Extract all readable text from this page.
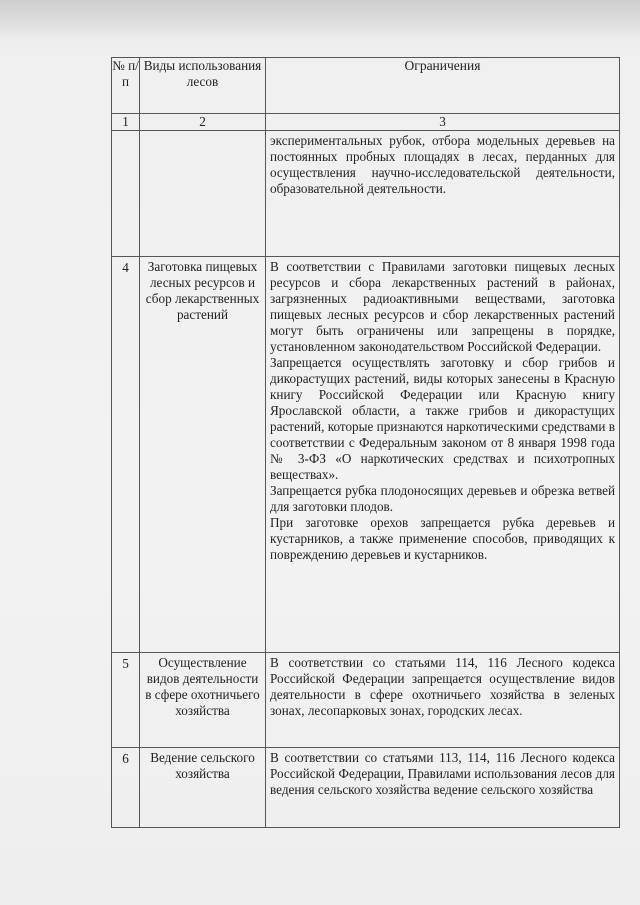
№ п/п	Виды использования лесов	Ограничения
1	2	3

		экспериментальных рубок, отбора модельных деревьев на постоянных пробных площадях в лесах, перданных для осуществления научно-исследовательской деятельности, образовательной деятельности.

4	Заготовка пищевых лесных ресурсов и сбор лекарственных растений	В соответствии с Правилами заготовки пищевых лесных ресурсов и сбора лекарственных растений в районах, загрязненных радиоактивными веществами, заготовка пищевых лесных ресурсов и сбор лекарственных растений могут быть ограничены или запрещены в порядке, установленном законодательством Российской Федерации.

Запрещается осуществлять заготовку и сбор грибов и дикорастущих растений, виды которых занесены в Красную книгу Российской Федерации или Красную книгу Ярославской области, а также грибов и дикорастущих растений, которые признаются наркотическими средствами в соответствии с Федеральным законом от 8 января 1998 года № 3-ФЗ «О наркотических средствах и психотропных веществах».

Запрещается рубка плодоносящих деревьев и обрезка ветвей для заготовки плодов.

При заготовке орехов запрещается рубка деревьев и кустарников, а также применение способов, приводящих к повреждению деревьев и кустарников.

5	Осуществление видов деятельности в сфере охотничьего хозяйства	В соответствии со статьями 114, 116 Лесного кодекса Российской Федерации запрещается осуществление видов деятельности в сфере охотничьего хозяйства в зеленых зонах, лесопарковых зонах, городских лесах.

6	Ведение сельского хозяйства	В соответствии со статьями 113, 114, 116 Лесного кодекса Российской Федерации, Правилами использования лесов для ведения сельского хозяйства ведение сельского хозяйства
